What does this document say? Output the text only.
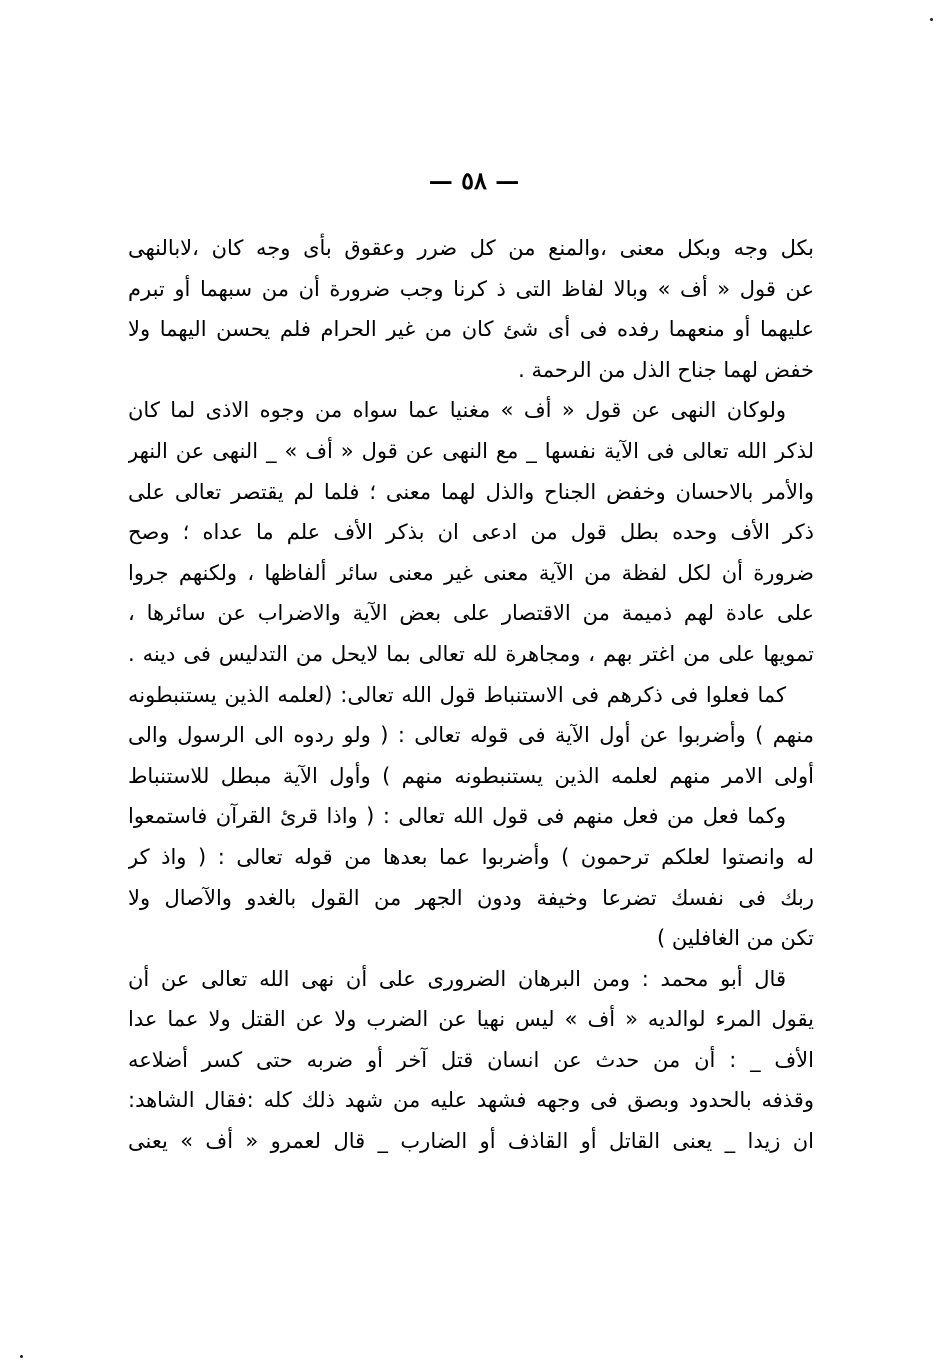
— ٥٨ —
بكل وجه وبكل معنى ،والمنع من كل ضرر وعقوق بأى وجه كان ،لابالنهى
عن قول « أف » وبالا لفاظ التى ذ كرنا وجب ضرورة أن من سبهما أو تبرم
عليهما أو منعهما رفده فى أى شئ كان من غير الحرام فلم يحسن اليهما ولا
خفض لهما جناح الذل من الرحمة .
ولوكان النهى عن قول « أف » مغنيا عما سواه من وجوه الاذى لما كان
لذكر الله تعالى فى الآية نفسها _ مع النهى عن قول « أف » _ النهى عن النهر
والأمر بالاحسان وخفض الجناح والذل لهما معنى ؛ فلما لم يقتصر تعالى على
ذكر الأف وحده بطل قول من ادعى ان بذكر الأف علم ما عداه ؛ وصح
ضرورة أن لكل لفظة من الآية معنى غير معنى سائر ألفاظها ، ولكنهم جروا
على عادة لهم ذميمة من الاقتصار على بعض الآية والاضراب عن سائرها ،
تمويها على من اغتر بهم ، ومجاهرة لله تعالى بما لايحل من التدليس فى دينه .
كما فعلوا فى ذكرهم فى الاستنباط قول الله تعالى: (لعلمه الذين يستنبطونه
منهم ) وأضربوا عن أول الآية فى قوله تعالى : ( ولو ردوه الى الرسول والى
أولى الامر منهم لعلمه الذين يستنبطونه منهم ) وأول الآية مبطل للاستنباط
وكما فعل من فعل منهم فى قول الله تعالى : ( واذا قرئ القرآن فاستمعوا
له وانصتوا لعلكم ترحمون ) وأضربوا عما بعدها من قوله تعالى : ( واذ كر
ربك فى نفسك تضرعا وخيفة ودون الجهر من القول بالغدو والآصال ولا
تكن من الغافلين )
قال أبو محمد : ومن البرهان الضرورى على أن نهى الله تعالى عن أن
يقول المرء لوالديه « أف » ليس نهيا عن الضرب ولا عن القتل ولا عما عدا
الأف _ : أن من حدث عن انسان قتل آخر أو ضربه حتى كسر أضلاعه
وقذفه بالحدود وبصق فى وجهه فشهد عليه من شهد ذلك كله :فقال الشاهد:
ان زيدا _ يعنى القاتل أو القاذف أو الضارب _ قال لعمرو « أف » يعنى
